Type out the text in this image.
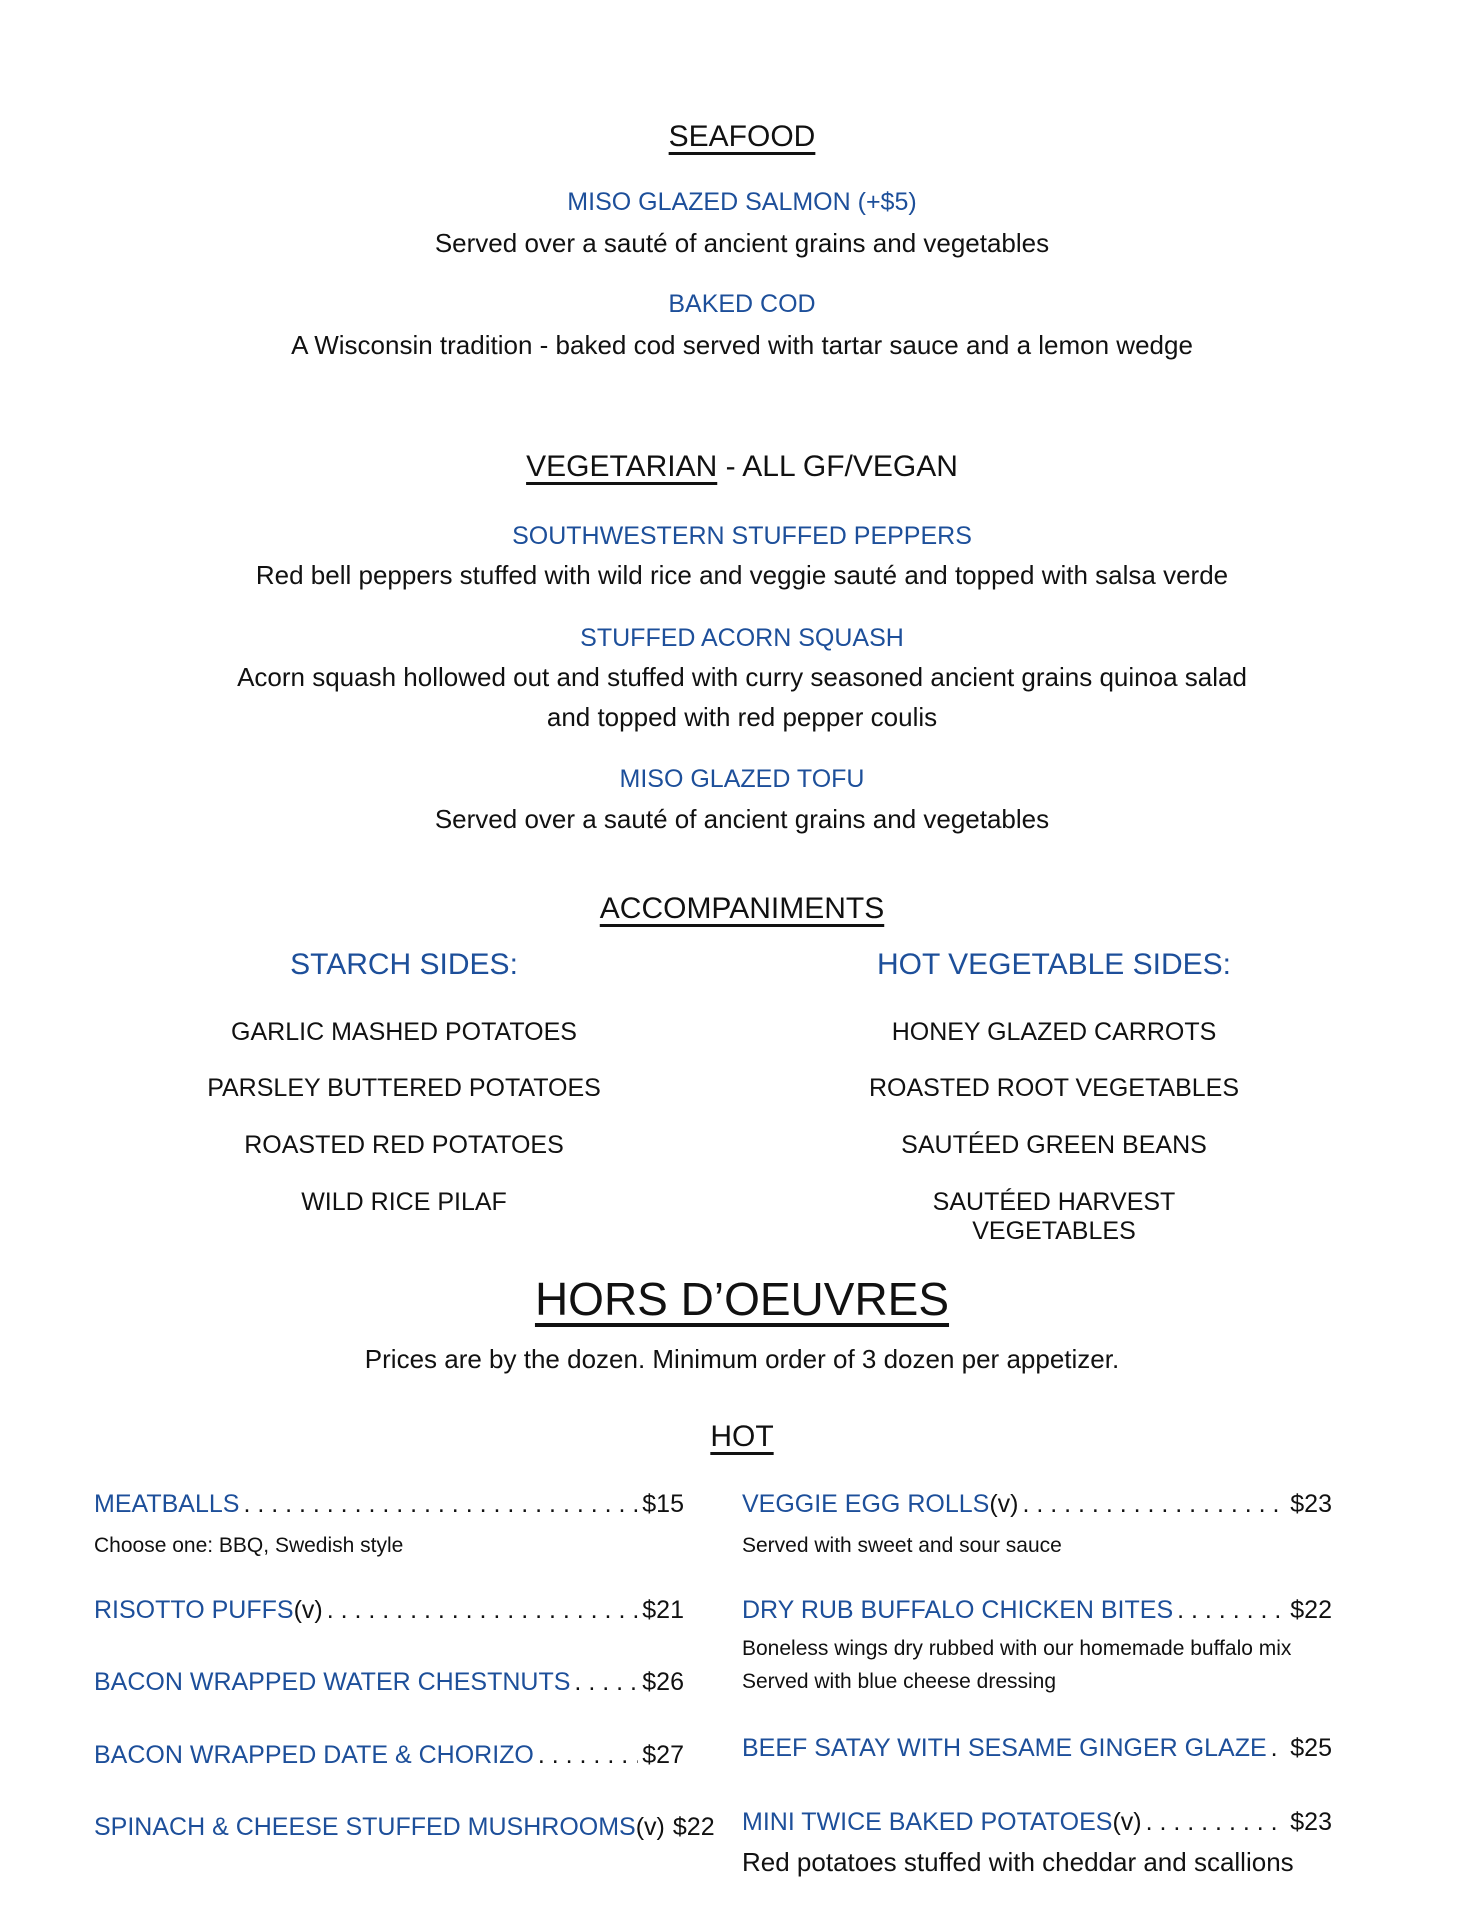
SEAFOOD
MISO GLAZED SALMON (+$5)
Served over a sauté of ancient grains and vegetables
BAKED COD
A Wisconsin tradition - baked cod served with tartar sauce and a lemon wedge
VEGETARIAN - ALL GF/VEGAN
SOUTHWESTERN STUFFED PEPPERS
Red bell peppers stuffed with wild rice and veggie sauté and topped with salsa verde
STUFFED ACORN SQUASH
Acorn squash hollowed out and stuffed with curry seasoned ancient grains quinoa salad
and topped with red pepper coulis
MISO GLAZED TOFU
Served over a sauté of ancient grains and vegetables
ACCOMPANIMENTS
STARCH SIDES:
GARLIC MASHED POTATOES
PARSLEY BUTTERED POTATOES
ROASTED RED POTATOES
WILD RICE PILAF
HOT VEGETABLE SIDES:
HONEY GLAZED CARROTS
ROASTED ROOT VEGETABLES
SAUTÉED GREEN BEANS
SAUTÉED HARVEST VEGETABLES
HORS D’OEUVRES
Prices are by the dozen. Minimum order of 3 dozen per appetizer.
HOT
MEATBALLS . . .	$15
Choose one: BBQ, Swedish style
RISOTTO PUFFS (v) . . .	$21
BACON WRAPPED WATER CHESTNUTS . . .	$26
BACON WRAPPED DATE & CHORIZO . . .	$27
SPINACH & CHEESE STUFFED MUSHROOMS (v) $22
VEGGIE EGG ROLLS (v) . . .	$23
Served with sweet and sour sauce
DRY RUB BUFFALO CHICKEN BITES . . .	$22
Boneless wings dry rubbed with our homemade buffalo mix
Served with blue cheese dressing
BEEF SATAY WITH SESAME GINGER GLAZE . . . $25
MINI TWICE BAKED POTATOES (v) . . .	$23
Red potatoes stuffed with cheddar and scallions
